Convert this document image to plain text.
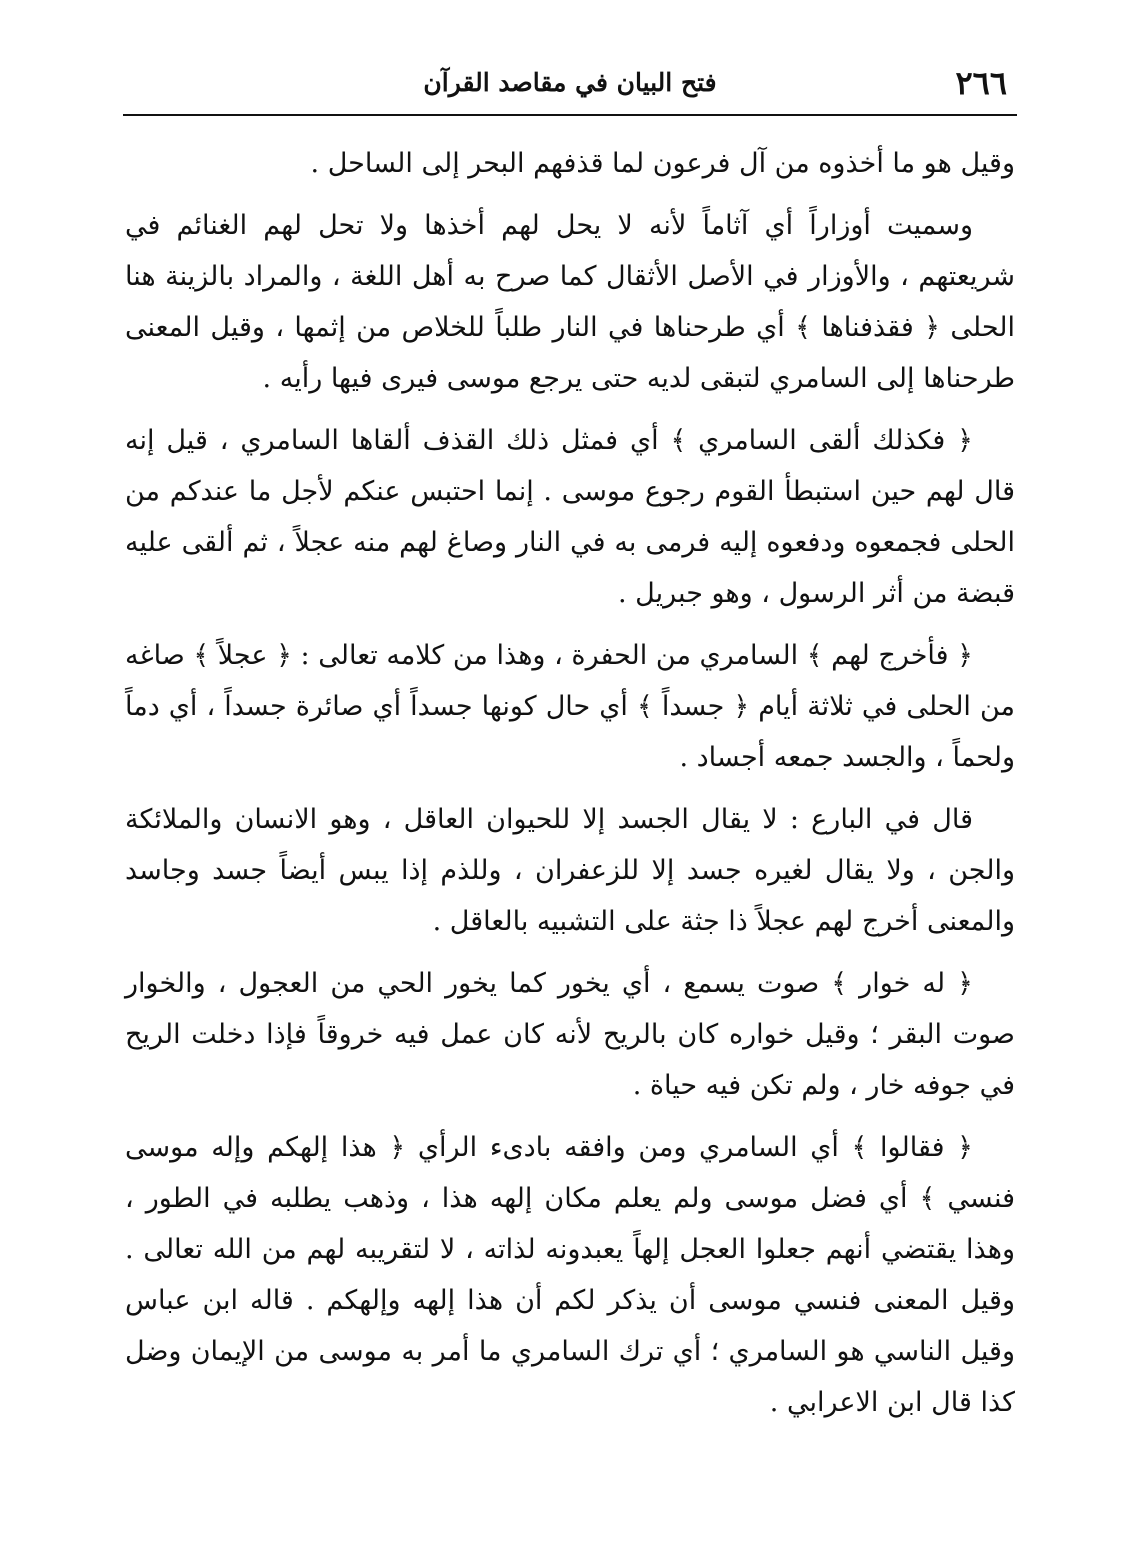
٢٦٦
فتح البيان في مقاصد القرآن

وقيل هو ما أخذوه من آل فرعون لما قذفهم البحر إلى الساحل .

وسميت أوزاراً أي آثاماً لأنه لا يحل لهم أخذها ولا تحل لهم الغنائم في شريعتهم ، والأوزار في الأصل الأثقال كما صرح به أهل اللغة ، والمراد بالزينة هنا الحلى ﴿ فقذفناها ﴾ أي طرحناها في النار طلباً للخلاص من إثمها ، وقيل المعنى طرحناها إلى السامري لتبقى لديه حتى يرجع موسى فيرى فيها رأيه .

﴿ فكذلك ألقى السامري ﴾ أي فمثل ذلك القذف ألقاها السامري ، قيل إنه قال لهم حين استبطأ القوم رجوع موسى . إنما احتبس عنكم لأجل ما عندكم من الحلى فجمعوه ودفعوه إليه فرمى به في النار وصاغ لهم منه عجلاً ، ثم ألقى عليه قبضة من أثر الرسول ، وهو جبريل .

﴿ فأخرج لهم ﴾ السامري من الحفرة ، وهذا من كلامه تعالى : ﴿ عجلاً ﴾ صاغه من الحلى في ثلاثة أيام ﴿ جسداً ﴾ أي حال كونها جسداً أي صائرة جسداً ، أي دماً ولحماً ، والجسد جمعه أجساد .

قال في البارع : لا يقال الجسد إلا للحيوان العاقل ، وهو الانسان والملائكة والجن ، ولا يقال لغيره جسد إلا للزعفران ، وللذم إذا يبس أيضاً جسد وجاسد والمعنى أخرج لهم عجلاً ذا جثة على التشبيه بالعاقل .

﴿ له خوار ﴾ صوت يسمع ، أي يخور كما يخور الحي من العجول ، والخوار صوت البقر ؛ وقيل خواره كان بالريح لأنه كان عمل فيه خروقاً فإذا دخلت الريح في جوفه خار ، ولم تكن فيه حياة .

﴿ فقالوا ﴾ أي السامري ومن وافقه بادىء الرأي ﴿ هذا إلهكم وإله موسى فنسي ﴾ أي فضل موسى ولم يعلم مكان إلهه هذا ، وذهب يطلبه في الطور ، وهذا يقتضي أنهم جعلوا العجل إلهاً يعبدونه لذاته ، لا لتقريبه لهم من الله تعالى . وقيل المعنى فنسي موسى أن يذكر لكم أن هذا إلهه وإلهكم . قاله ابن عباس وقيل الناسي هو السامري ؛ أي ترك السامري ما أمر به موسى من الإيمان وضل كذا قال ابن الاعرابي .
